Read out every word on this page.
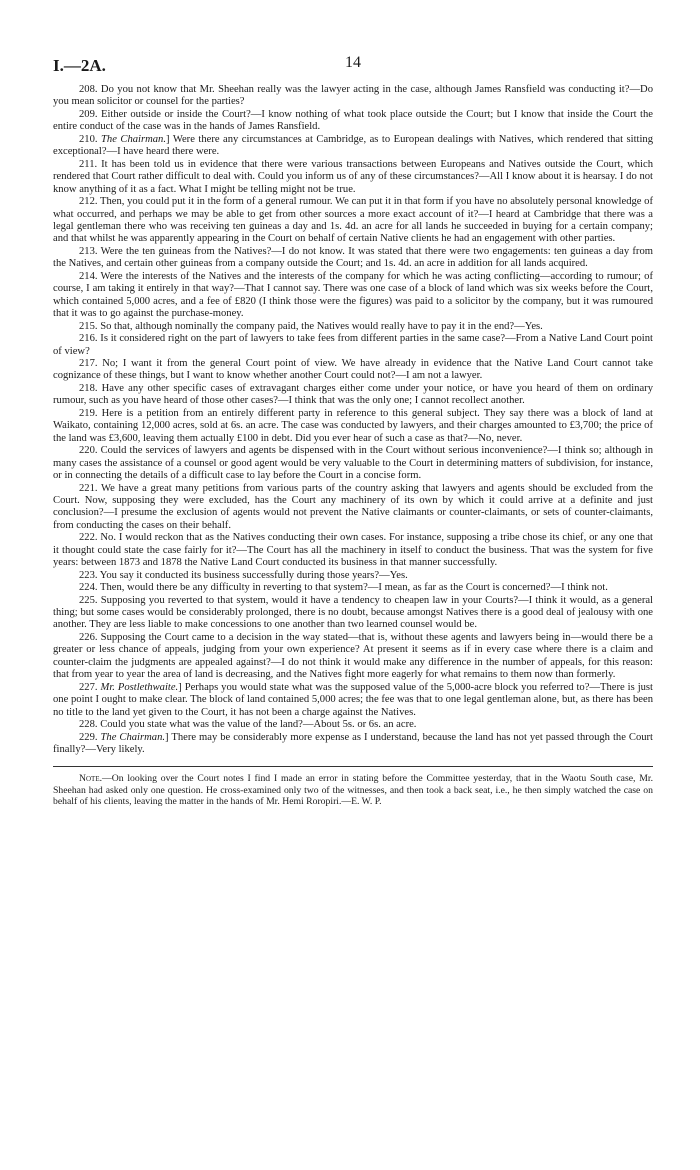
I.—2A.	14

208. Do you not know that Mr. Sheehan really was the lawyer acting in the case, although James Ransfield was conducting it?—Do you mean solicitor or counsel for the parties?

209. Either outside or inside the Court?—I know nothing of what took place outside the Court; but I know that inside the Court the entire conduct of the case was in the hands of James Ransfield.

210. The Chairman.] Were there any circumstances at Cambridge, as to European dealings with Natives, which rendered that sitting exceptional?—I have heard there were.

211. It has been told us in evidence that there were various transactions between Europeans and Natives outside the Court, which rendered that Court rather difficult to deal with. Could you inform us of any of these circumstances?—All I know about it is hearsay. I do not know anything of it as a fact. What I might be telling might not be true.

212. Then, you could put it in the form of a general rumour. We can put it in that form if you have no absolutely personal knowledge of what occurred, and perhaps we may be able to get from other sources a more exact account of it?—I heard at Cambridge that there was a legal gentleman there who was receiving ten guineas a day and 1s. 4d. an acre for all lands he succeeded in buying for a certain company; and that whilst he was apparently appearing in the Court on behalf of certain Native clients he had an engagement with other parties.

213. Were the ten guineas from the Natives?—I do not know. It was stated that there were two engagements: ten guineas a day from the Natives, and certain other guineas from a company outside the Court; and 1s. 4d. an acre in addition for all lands acquired.

214. Were the interests of the Natives and the interests of the company for which he was acting conflicting—according to rumour; of course, I am taking it entirely in that way?—That I cannot say. There was one case of a block of land which was six weeks before the Court, which contained 5,000 acres, and a fee of £820 (I think those were the figures) was paid to a solicitor by the company, but it was rumoured that it was to go against the purchase-money.

215. So that, although nominally the company paid, the Natives would really have to pay it in the end?—Yes.

216. Is it considered right on the part of lawyers to take fees from different parties in the same case?—From a Native Land Court point of view?

217. No; I want it from the general Court point of view. We have already in evidence that the Native Land Court cannot take cognizance of these things, but I want to know whether another Court could not?—I am not a lawyer.

218. Have any other specific cases of extravagant charges either come under your notice, or have you heard of them on ordinary rumour, such as you have heard of those other cases?—I think that was the only one; I cannot recollect another.

219. Here is a petition from an entirely different party in reference to this general subject. They say there was a block of land at Waikato, containing 12,000 acres, sold at 6s. an acre. The case was conducted by lawyers, and their charges amounted to £3,700; the price of the land was £3,600, leaving them actually £100 in debt. Did you ever hear of such a case as that?—No, never.

220. Could the services of lawyers and agents be dispensed with in the Court without serious inconvenience?—I think so; although in many cases the assistance of a counsel or good agent would be very valuable to the Court in determining matters of subdivision, for instance, or in connecting the details of a difficult case to lay before the Court in a concise form.

221. We have a great many petitions from various parts of the country asking that lawyers and agents should be excluded from the Court. Now, supposing they were excluded, has the Court any machinery of its own by which it could arrive at a definite and just conclusion?—I presume the exclusion of agents would not prevent the Native claimants or counter-claimants, or sets of counter-claimants, from conducting the cases on their behalf.

222. No. I would reckon that as the Natives conducting their own cases. For instance, supposing a tribe chose its chief, or any one that it thought could state the case fairly for it?—The Court has all the machinery in itself to conduct the business. That was the system for five years: between 1873 and 1878 the Native Land Court conducted its business in that manner successfully.

223. You say it conducted its business successfully during those years?—Yes.

224. Then, would there be any difficulty in reverting to that system?—I mean, as far as the Court is concerned?—I think not.

225. Supposing you reverted to that system, would it have a tendency to cheapen law in your Courts?—I think it would, as a general thing; but some cases would be considerably prolonged, there is no doubt, because amongst Natives there is a good deal of jealousy with one another. They are less liable to make concessions to one another than two learned counsel would be.

226. Supposing the Court came to a decision in the way stated—that is, without these agents and lawyers being in—would there be a greater or less chance of appeals, judging from your own experience? At present it seems as if in every case where there is a claim and counter-claim the judgments are appealed against?—I do not think it would make any difference in the number of appeals, for this reason: that from year to year the area of land is decreasing, and the Natives fight more eagerly for what remains to them now than formerly.

227. Mr. Postlethwaite.] Perhaps you would state what was the supposed value of the 5,000-acre block you referred to?—There is just one point I ought to make clear. The block of land contained 5,000 acres; the fee was that to one legal gentleman alone, but, as there has been no title to the land yet given to the Court, it has not been a charge against the Natives.

228. Could you state what was the value of the land?—About 5s. or 6s. an acre.

229. The Chairman.] There may be considerably more expense as I understand, because the land has not yet passed through the Court finally?—Very likely.

Note.—On looking over the Court notes I find I made an error in stating before the Committee yesterday, that in the Waotu South case, Mr. Sheehan had asked only one question. He cross-examined only two of the witnesses, and then took a back seat, i.e., he then simply watched the case on behalf of his clients, leaving the matter in the hands of Mr. Hemi Roropiri.—E. W. P.
